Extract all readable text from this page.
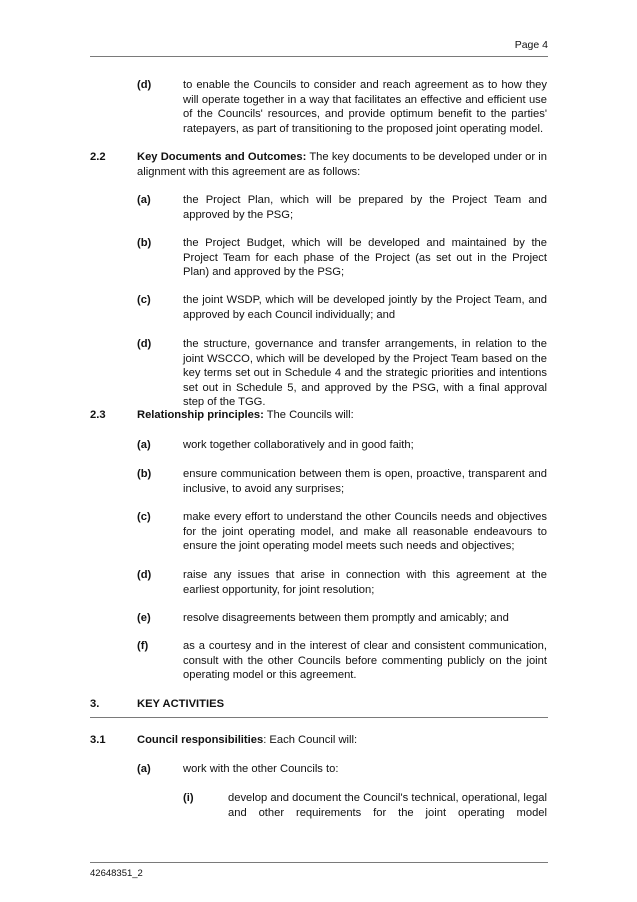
Page 4
(d)	to enable the Councils to consider and reach agreement as to how they will operate together in a way that facilitates an effective and efficient use of the Councils' resources, and provide optimum benefit to the parties' ratepayers, as part of transitioning to the proposed joint operating model.
2.2	Key Documents and Outcomes: The key documents to be developed under or in alignment with this agreement are as follows:
(a)	the Project Plan, which will be prepared by the Project Team and approved by the PSG;
(b)	the Project Budget, which will be developed and maintained by the Project Team for each phase of the Project (as set out in the Project Plan) and approved by the PSG;
(c)	the joint WSDP, which will be developed jointly by the Project Team, and approved by each Council individually; and
(d)	the structure, governance and transfer arrangements, in relation to the joint WSCCO, which will be developed by the Project Team based on the key terms set out in Schedule 4 and the strategic priorities and intentions set out in Schedule 5, and approved by the PSG, with a final approval step of the TGG.
2.3	Relationship principles: The Councils will:
(a)	work together collaboratively and in good faith;
(b)	ensure communication between them is open, proactive, transparent and inclusive, to avoid any surprises;
(c)	make every effort to understand the other Councils needs and objectives for the joint operating model, and make all reasonable endeavours to ensure the joint operating model meets such needs and objectives;
(d)	raise any issues that arise in connection with this agreement at the earliest opportunity, for joint resolution;
(e)	resolve disagreements between them promptly and amicably; and
(f)	as a courtesy and in the interest of clear and consistent communication, consult with the other Councils before commenting publicly on the joint operating model or this agreement.
3.	KEY ACTIVITIES
3.1	Council responsibilities: Each Council will:
(a)	work with the other Councils to:
(i)	develop and document the Council's technical, operational, legal and other requirements for the joint operating model
42648351_2
